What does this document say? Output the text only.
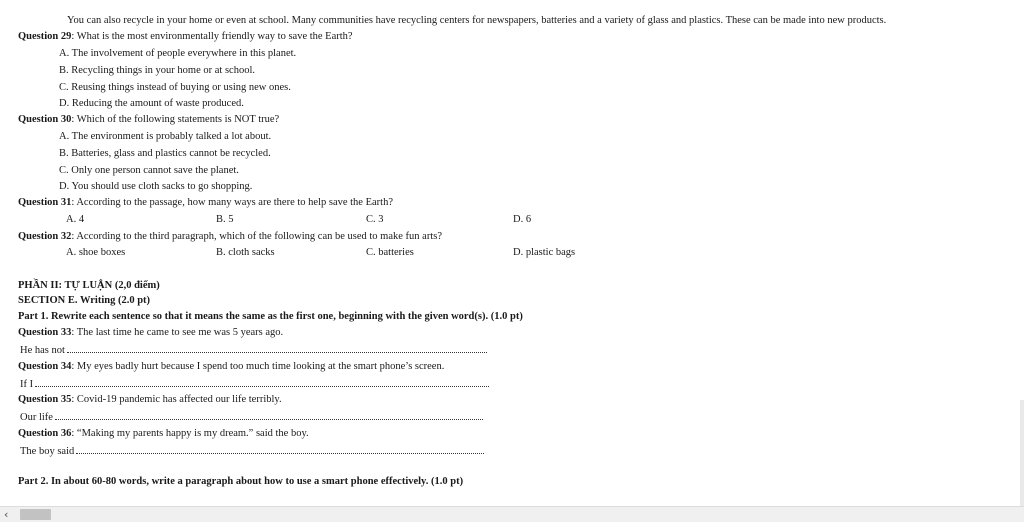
You can also recycle in your home or even at school. Many communities have recycling centers for newspapers, batteries and a variety of glass and plastics. These can be made into new products.
Question 29: What is the most environmentally friendly way to save the Earth?
A. The involvement of people everywhere in this planet.
B. Recycling things in your home or at school.
C. Reusing things instead of buying or using new ones.
D. Reducing the amount of waste produced.
Question 30: Which of the following statements is NOT true?
A. The environment is probably talked a lot about.
B. Batteries, glass and plastics cannot be recycled.
C. Only one person cannot save the planet.
D. You should use cloth sacks to go shopping.
Question 31: According to the passage, how many ways are there to help save the Earth?
A. 4	B. 5	C. 3	D. 6
Question 32: According to the third paragraph, which of the following can be used to make fun arts?
A. shoe boxes	B. cloth sacks	C. batteries	D. plastic bags
PHẦN II: TỰ LUẬN (2,0 điểm)
SECTION E. Writing (2.0 pt)
Part 1. Rewrite each sentence so that it means the same as the first one, beginning with the given word(s). (1.0 pt)
Question 33: The last time he came to see me was 5 years ago.
He has not
Question 34: My eyes badly hurt because I spend too much time looking at the smart phone’s screen.
If I
Question 35: Covid-19 pandemic has affected our life terribly.
Our life
Question 36: “Making my parents happy is my dream.” said the boy.
The boy said
Part 2. In about 60-80 words, write a paragraph about how to use a smart phone effectively. (1.0 pt)
‹
